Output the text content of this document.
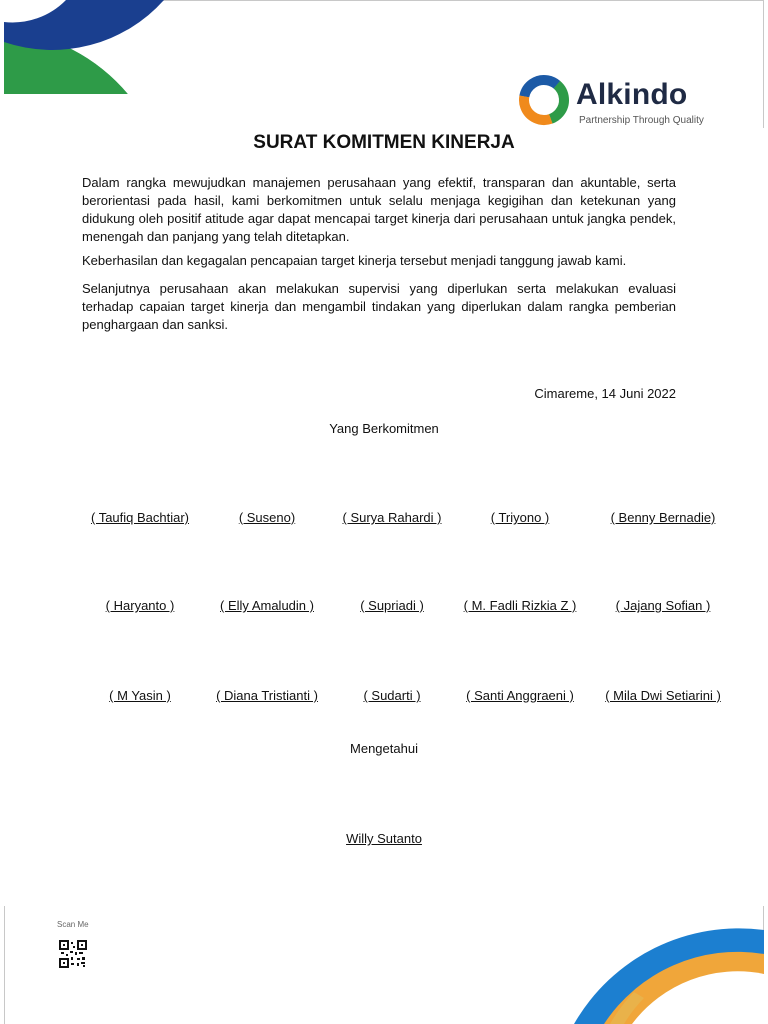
Alkindo
Partnership Through Quality
SURAT KOMITMEN KINERJA
Dalam rangka mewujudkan manajemen perusahaan yang efektif, transparan dan akuntable, serta berorientasi pada hasil, kami berkomitmen untuk selalu menjaga kegigihan dan ketekunan yang didukung oleh positif atitude agar dapat mencapai target kinerja dari perusahaan untuk jangka pendek, menengah dan panjang yang telah ditetapkan.
Keberhasilan dan kegagalan pencapaian target kinerja tersebut menjadi tanggung jawab kami.
Selanjutnya perusahaan akan melakukan supervisi yang diperlukan serta melakukan evaluasi terhadap capaian target kinerja dan mengambil tindakan yang diperlukan dalam rangka pemberian penghargaan dan sanksi.
Cimareme, 14 Juni 2022
Yang Berkomitmen
( Taufiq Bachtiar)	( Suseno)	( Surya Rahardi )	( Triyono )	( Benny Bernadie)
( Haryanto )	( Elly Amaludin )	( Supriadi )	( M. Fadli Rizkia Z )	( Jajang Sofian )
( M Yasin )	( Diana Tristianti )	( Sudarti )	( Santi Anggraeni ) ( Mila Dwi Setiarini )
Mengetahui
Willy Sutanto
Scan Me
